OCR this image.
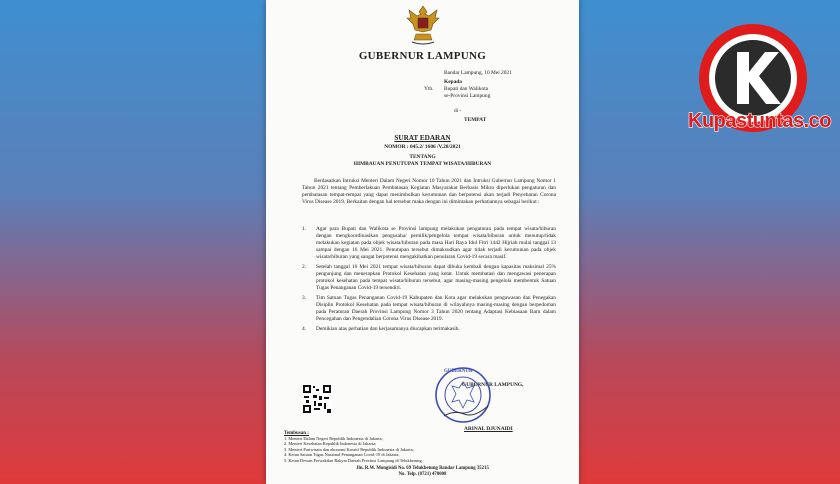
GUBERNUR LAMPUNG
Bandar Lampung, 10 Mei 2021
Kepada
Yth. Bupati dan Walikota
se-Provinsi Lampung
di -
TEMPAT
SURAT EDARAN
NOMOR : 045.2/ 1606 /V.20/2021
TENTANG
HIMBAUAN PENUTUPAN TEMPAT WISATA/HIBURAN

Berdasarkan Intruksi Menteri Dalam Negeri Nomor 10 Tahun 2021 dan Intruksi Gubernur Lampung Nomor 1 Tahun 2021 tentang Pemberlakuan Pembatasan Kegiatan Masyarakat Berbasis Mikro diperlukan pengaturan dan pembatasan tempat-tempat yang dapat menimbulkan kerumunan dan berpotensi akan terjadi Penyebaran Corona Virus Disease 2019. Berkaitan dengan hal tersebut maka dengan ini dimintakan perhatiannya sebagai berikut :

1. Agar para Bupati dan Walikota se Provinsi lampung melakukan pengaturan pada tempat wisata/hiburan dengan mengkoordinasikan pengusaha/ pemilik/pengelola tempat wisata/hiburan untuk menutup/tidak melakukan kegiatan pada objek wisata/hiburan pada masa Hari Raya Idul Fitri 1442 Hijriah mulai tanggal 13 sampai dengan 16 Mei 2021. Penutupan tersebut dimaksudkan agar tidak terjadi kerumunan pada objek wisata/hiburan yang sangat berpotensi mengakibatkan penularan Covid-19 secara masif.

2. Setelah tanggal 16 Mei 2021 tempat wisata/hiburan dapat dibuka kembali dengan kapasitas maksimal 25% pengunjung dan menerapkan Protokol Kesehatan yang ketat. Untuk membatasi dan mengawasi penerapan protokol kesehatan pada tempat wisata/hiburan tersebut, agar masing-masing pengelola membentuk Satuan Tugas Penanganan Covid-19 tersendiri.

3. Tim Satuan Tugas Penanganan Covid-19 Kabupaten dan Kota agar melakukan pengawasan dan Penegakan Disiplin Protokol Kesehatan pada tempat wisata/hiburan di wilayahnya masing-masing dengan berpedoman pada Peraturan Daerah Provinsi Lampung Nomor 3 Tahun 2020 tentang Adaptasi Kebiasaan Baru dalam Pencegahan dan Pengendalian Corona Virus Disease 2019.

4. Demikian atas perhatian dan kerjasamanya diucapkan terimakasih.

GUBERNUR LAMPUNG,
GUBERNUR
ARINAL DJUNAIDI
Tembusan :
1. Menteri Dalam Negeri Republik Indonesia di Jakarta;
2. Menteri Kesehatan Republik Indonesia di Jakarta;
3. Menteri Pariwisata dan ekonomi Kreatif Republik Indonesia di Jakarta;
4. Ketua Satuan Tugas Nasional Penanganan Covid-19 di Jakarta;
5. Ketua Dewan Perwakilan Rakyat Daerah Provinsi Lampung di Telukbetung.
Jln. R.W. Mongisidi No. 69 Telukbetung Bandar Lampung 35215
No. Telp. (0721) 470008
Kupastuntas.co
